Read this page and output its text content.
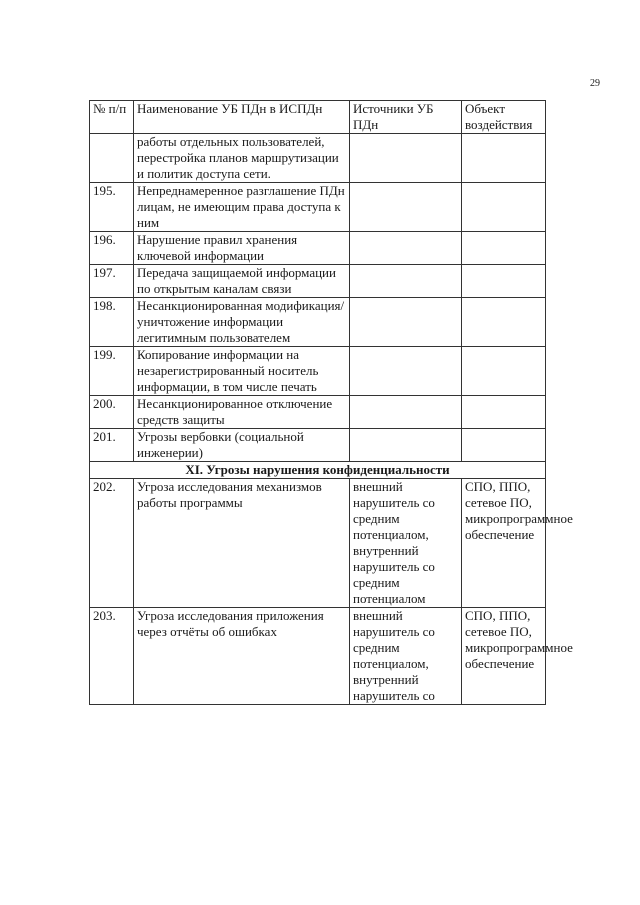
29
№ п/п	Наименование УБ ПДн в ИСПДн	Источники УБ ПДн	Объект воздействия
	работы отдельных пользователей, перестройка планов маршрутизации и политик доступа сети.		
195.	Непреднамеренное разглашение ПДн лицам, не имеющим права доступа к ним		
196.	Нарушение правил хранения ключевой информации		
197.	Передача защищаемой информации по открытым каналам связи		
198.	Несанкционированная модификация/уничтожение информации легитимным пользователем		
199.	Копирование информации на незарегистрированный носитель информации, в том числе печать		
200.	Несанкционированное отключение средств защиты		
201.	Угрозы вербовки (социальной инженерии)		
XI. Угрозы нарушения конфиденциальности			
202.	Угроза исследования механизмов работы программы	внешний нарушитель со средним потенциалом, внутренний нарушитель со средним потенциалом	СПО, ППО, сетевое ПО, микропрограммное обеспечение
203.	Угроза исследования приложения через отчёты об ошибках	внешний нарушитель со средним потенциалом, внутренний нарушитель со	СПО, ППО, сетевое ПО, микропрограммное обеспечение
